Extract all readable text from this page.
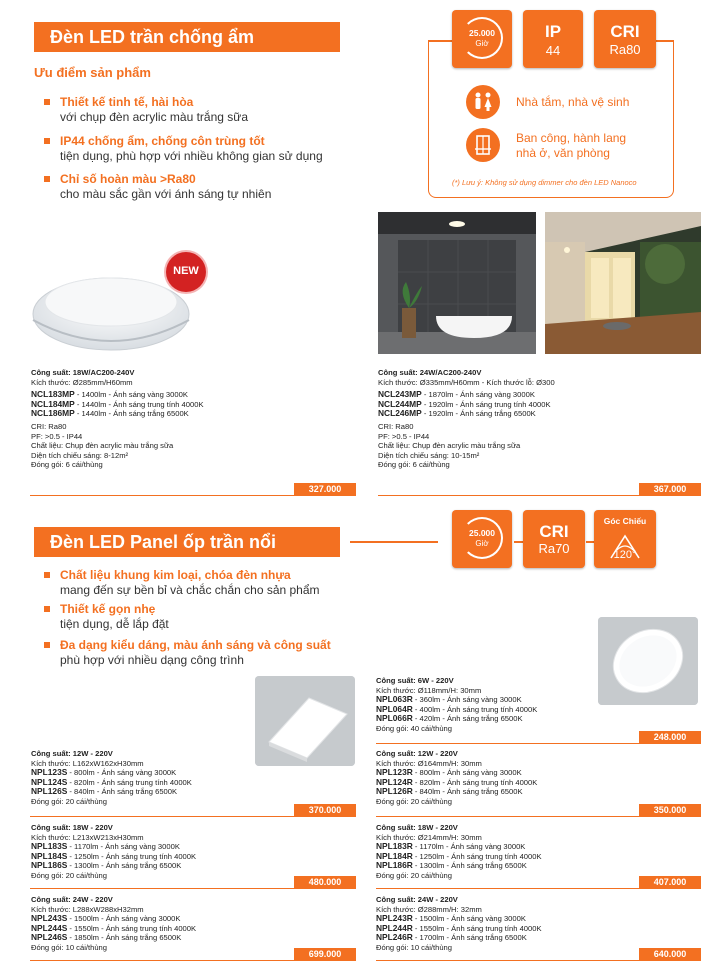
Đèn LED trần chống ẩm
Ưu điểm sản phẩm
Thiết kế tinh tế, hài hòa
với chụp đèn acrylic màu trắng sữa
IP44 chống ẩm, chống côn trùng tốt
tiện dụng, phù hợp với nhiều không gian sử dụng
Chỉ số hoàn màu >Ra80
cho màu sắc gần với ánh sáng tự nhiên
25.000
Giờ
IP
44
CRI
Ra80
Nhà tắm, nhà vệ sinh
Ban công, hành lang nhà ở, văn phòng
(*) Lưu ý: Không sử dụng dimmer cho đèn LED Nanoco
NEW
Công suất: 18W/AC200-240V
Kích thước: Ø285mm/H60mm
NCL183MP - 1400lm - Ánh sáng vàng 3000K
NCL184MP - 1440lm - Ánh sáng trung tính 4000K
NCL186MP - 1440lm - Ánh sáng trắng 6500K
CRI: Ra80
PF: >0.5 - IP44
Chất liệu: Chụp đèn acrylic màu trắng sữa
Diện tích chiếu sáng: 8-12m²
Đóng gói: 6 cái/thùng
327.000
Công suất: 24W/AC200-240V
Kích thước: Ø335mm/H60mm - Kích thước lỗ: Ø300
NCL243MP - 1870lm - Ánh sáng vàng 3000K
NCL244MP - 1920lm - Ánh sáng trung tính 4000K
NCL246MP - 1920lm - Ánh sáng trắng 6500K
CRI: Ra80
PF: >0.5 - IP44
Chất liệu: Chụp đèn acrylic màu trắng sữa
Diện tích chiếu sáng: 10-15m²
Đóng gói: 6 cái/thùng
367.000
Đèn LED Panel ốp trần nổi	25.000
Giờ
CRI
Ra70
Góc Chiếu
120°
Chất liệu khung kim loại, chóa đèn nhựa
mang đến sự bền bỉ và chắc chắn cho sản phẩm
Thiết kế gọn nhẹ
tiện dụng, dễ lắp đặt
Đa dạng kiểu dáng, màu ánh sáng và công suất
phù hợp với nhiều dạng công trình
Công suất: 12W - 220V
Kích thước: L162xW162xH30mm
NPL123S - 800lm - Ánh sáng vàng 3000K
NPL124S - 820lm - Ánh sáng trung tính 4000K
NPL126S - 840lm - Ánh sáng trắng 6500K
Đóng gói: 20 cái/thùng
370.000
Công suất: 18W - 220V
Kích thước: L213xW213xH30mm
NPL183S - 1170lm - Ánh sáng vàng 3000K
NPL184S - 1250lm - Ánh sáng trung tính 4000K
NPL186S - 1300lm - Ánh sáng trắng 6500K
Đóng gói: 20 cái/thùng
480.000
Công suất: 24W - 220V
Kích thước: L288xW288xH32mm
NPL243S - 1500lm - Ánh sáng vàng 3000K
NPL244S - 1550lm - Ánh sáng trung tính 4000K
NPL246S - 1850lm - Ánh sáng trắng 6500K
Đóng gói: 10 cái/thùng
699.000
Công suất: 6W - 220V
Kích thước: Ø118mm/H: 30mm
NPL063R - 360lm - Ánh sáng vàng 3000K
NPL064R - 400lm - Ánh sáng trung tính 4000K
NPL066R - 420lm - Ánh sáng trắng 6500K
Đóng gói: 40 cái/thùng
248.000
Công suất: 12W - 220V
Kích thước: Ø164mm/H: 30mm
NPL123R - 800lm - Ánh sáng vàng 3000K
NPL124R - 820lm - Ánh sáng trung tính 4000K
NPL126R - 840lm - Ánh sáng trắng 6500K
Đóng gói: 20 cái/thùng
350.000
Công suất: 18W - 220V
Kích thước: Ø214mm/H: 30mm
NPL183R - 1170lm - Ánh sáng vàng 3000K
NPL184R - 1250lm - Ánh sáng trung tính 4000K
NPL186R - 1300lm - Ánh sáng trắng 6500K
Đóng gói: 20 cái/thùng
407.000
Công suất: 24W - 220V
Kích thước: Ø288mm/H: 32mm
NPL243R - 1500lm - Ánh sáng vàng 3000K
NPL244R - 1550lm - Ánh sáng trung tính 4000K
NPL246R - 1700lm - Ánh sáng trắng 6500K
Đóng gói: 10 cái/thùng
640.000
